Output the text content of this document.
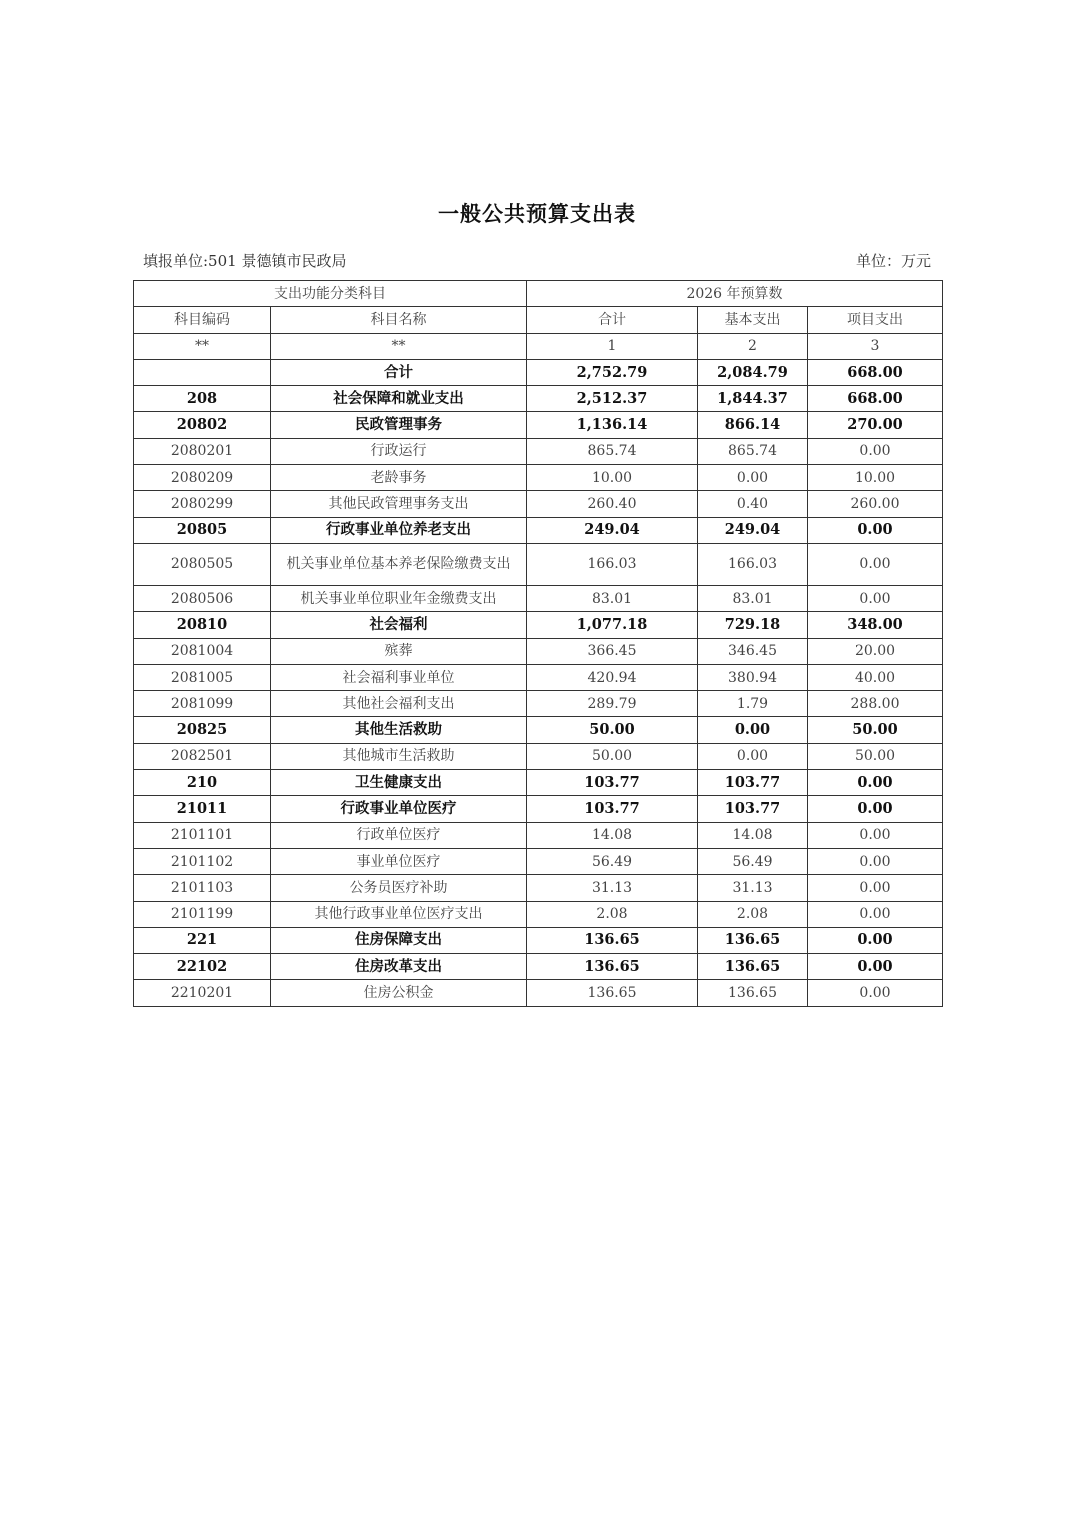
一般公共预算支出表
填报单位:501 景德镇市民政局	单位：万元
支出功能分类科目		2026 年预算数		
科目编码	科目名称	合计	基本支出	项目支出
**	**	1	2	3
	合计	2,752.79	2,084.79	668.00
208	社会保障和就业支出	2,512.37	1,844.37	668.00
20802	民政管理事务	1,136.14	866.14	270.00
2080201	行政运行	865.74	865.74	0.00
2080209	老龄事务	10.00	0.00	10.00
2080299	其他民政管理事务支出	260.40	0.40	260.00
20805	行政事业单位养老支出	249.04	249.04	0.00
2080505	机关事业单位基本养老保险缴费支出	166.03	166.03	0.00
2080506	机关事业单位职业年金缴费支出	83.01	83.01	0.00
20810	社会福利	1,077.18	729.18	348.00
2081004	殡葬	366.45	346.45	20.00
2081005	社会福利事业单位	420.94	380.94	40.00
2081099	其他社会福利支出	289.79	1.79	288.00
20825	其他生活救助	50.00	0.00	50.00
2082501	其他城市生活救助	50.00	0.00	50.00
210	卫生健康支出	103.77	103.77	0.00
21011	行政事业单位医疗	103.77	103.77	0.00
2101101	行政单位医疗	14.08	14.08	0.00
2101102	事业单位医疗	56.49	56.49	0.00
2101103	公务员医疗补助	31.13	31.13	0.00
2101199	其他行政事业单位医疗支出	2.08	2.08	0.00
221	住房保障支出	136.65	136.65	0.00
22102	住房改革支出	136.65	136.65	0.00
2210201	住房公积金	136.65	136.65	0.00
